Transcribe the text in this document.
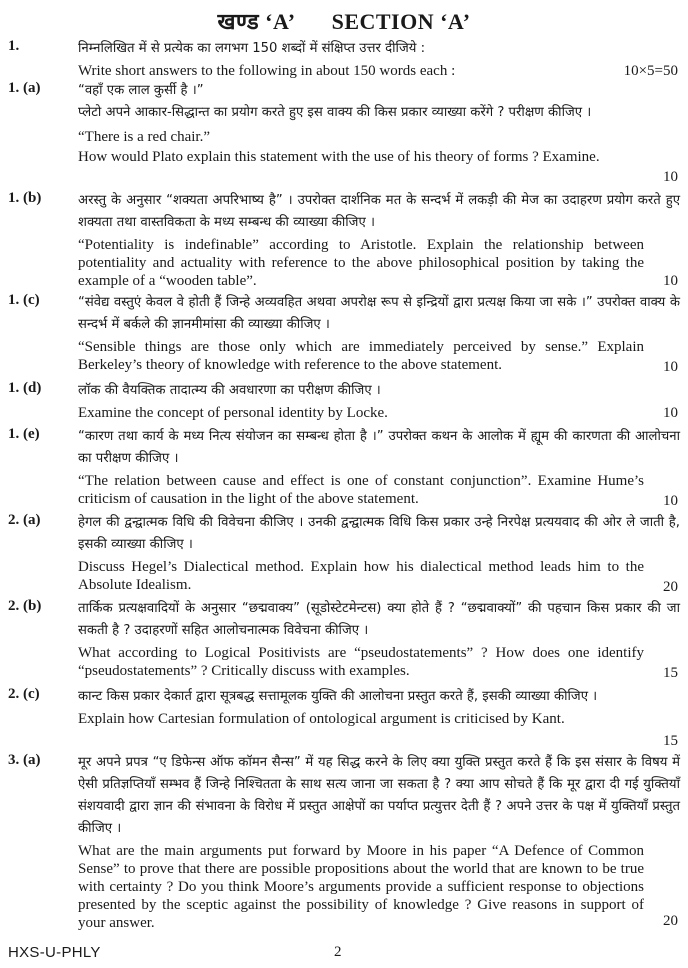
खण्ड ‘A’ SECTION ‘A’
1.	निम्नलिखित में से प्रत्येक का लगभग 150 शब्दों में संक्षिप्त उत्तर दीजिये :

Write short answers to the following in about 150 words each :	10×5=50
1. (a)	“वहाँ एक लाल कुर्सी है ।”

प्लेटो अपने आकार-सिद्धान्त का प्रयोग करते हुए इस वाक्य की किस प्रकार व्याख्या करेंगे ? परीक्षण कीजिए ।

“There is a red chair.”

How would Plato explain this statement with the use of his theory of forms ? Examine.

10
1. (b)	अरस्तु के अनुसार “शक्यता अपरिभाष्य है” । उपरोक्त दार्शनिक मत के सन्दर्भ में लकड़ी की मेज का उदाहरण प्रयोग करते हुए शक्यता तथा वास्तविकता के मध्य सम्बन्ध की व्याख्या कीजिए ।

“Potentiality is indefinable” according to Aristotle. Explain the relationship between potentiality and actuality with reference to the above philosophical position by taking the example of a “wooden table”.	10
1. (c)	“संवेद्य वस्तुएं केवल वे होती हैं जिन्हे अव्यवहित अथवा अपरोक्ष रूप से इन्द्रियों द्वारा प्रत्यक्ष किया जा सके ।” उपरोक्त वाक्य के सन्दर्भ में बर्कले की ज्ञानमीमांसा की व्याख्या कीजिए ।

“Sensible things are those only which are immediately perceived by sense.” Explain Berkeley’s theory of knowledge with reference to the above statement.	10
1. (d)	लॉक की वैयक्तिक तादात्म्य की अवधारणा का परीक्षण कीजिए ।

Examine the concept of personal identity by Locke.	10
1. (e)	“कारण तथा कार्य के मध्य नित्य संयोजन का सम्बन्ध होता है ।” उपरोक्त कथन के आलोक में ह्यूम की कारणता की आलोचना का परीक्षण कीजिए ।

“The relation between cause and effect is one of constant conjunction”. Examine Hume’s criticism of causation in the light of the above statement.	10
2. (a)	हेगल की द्वन्द्वात्मक विधि की विवेचना कीजिए । उनकी द्वन्द्वात्मक विधि किस प्रकार उन्हे निरपेक्ष प्रत्ययवाद की ओर ले जाती है, इसकी व्याख्या कीजिए ।

Discuss Hegel’s Dialectical method. Explain how his dialectical method leads him to the Absolute Idealism.	20
2. (b)	तार्किक प्रत्यक्षवादियों के अनुसार “छद्मवाक्य” (सूडोस्टेटमेन्टस) क्या होते हैं ? “छद्मवाक्यों” की पहचान किस प्रकार की जा सकती है ? उदाहरणों सहित आलोचनात्मक विवेचना कीजिए ।

What according to Logical Positivists are “pseudostatements” ? How does one identify “pseudostatements” ? Critically discuss with examples.	15
2. (c)	कान्ट किस प्रकार देकार्त द्वारा सूत्रबद्ध सत्तामूलक युक्ति की आलोचना प्रस्तुत करते हैं, इसकी व्याख्या कीजिए ।

Explain how Cartesian formulation of ontological argument is criticised by Kant.

15
3. (a)	मूर अपने प्रपत्र “ए डिफेन्स ऑफ कॉमन सैन्स” में यह सिद्ध करने के लिए क्या युक्ति प्रस्तुत करते हैं कि इस संसार के विषय में ऐसी प्रतिज्ञप्तियाँ सम्भव हैं जिन्हे निश्चितता के साथ सत्य जाना जा सकता है ? क्या आप सोचते हैं कि मूर द्वारा दी गई युक्तियाँ संशयवादी द्वारा ज्ञान की संभावना के विरोध में प्रस्तुत आक्षेपों का पर्याप्त प्रत्युत्तर देती हैं ? अपने उत्तर के पक्ष में युक्तियाँ प्रस्तुत कीजिए ।

What are the main arguments put forward by Moore in his paper “A Defence of Common Sense” to prove that there are possible propositions about the world that are known to be true with certainty ? Do you think Moore’s arguments provide a sufficient response to objections presented by the sceptic against the possibility of knowledge ? Give reasons in support of your answer.	20
HXS-U-PHLY	2
